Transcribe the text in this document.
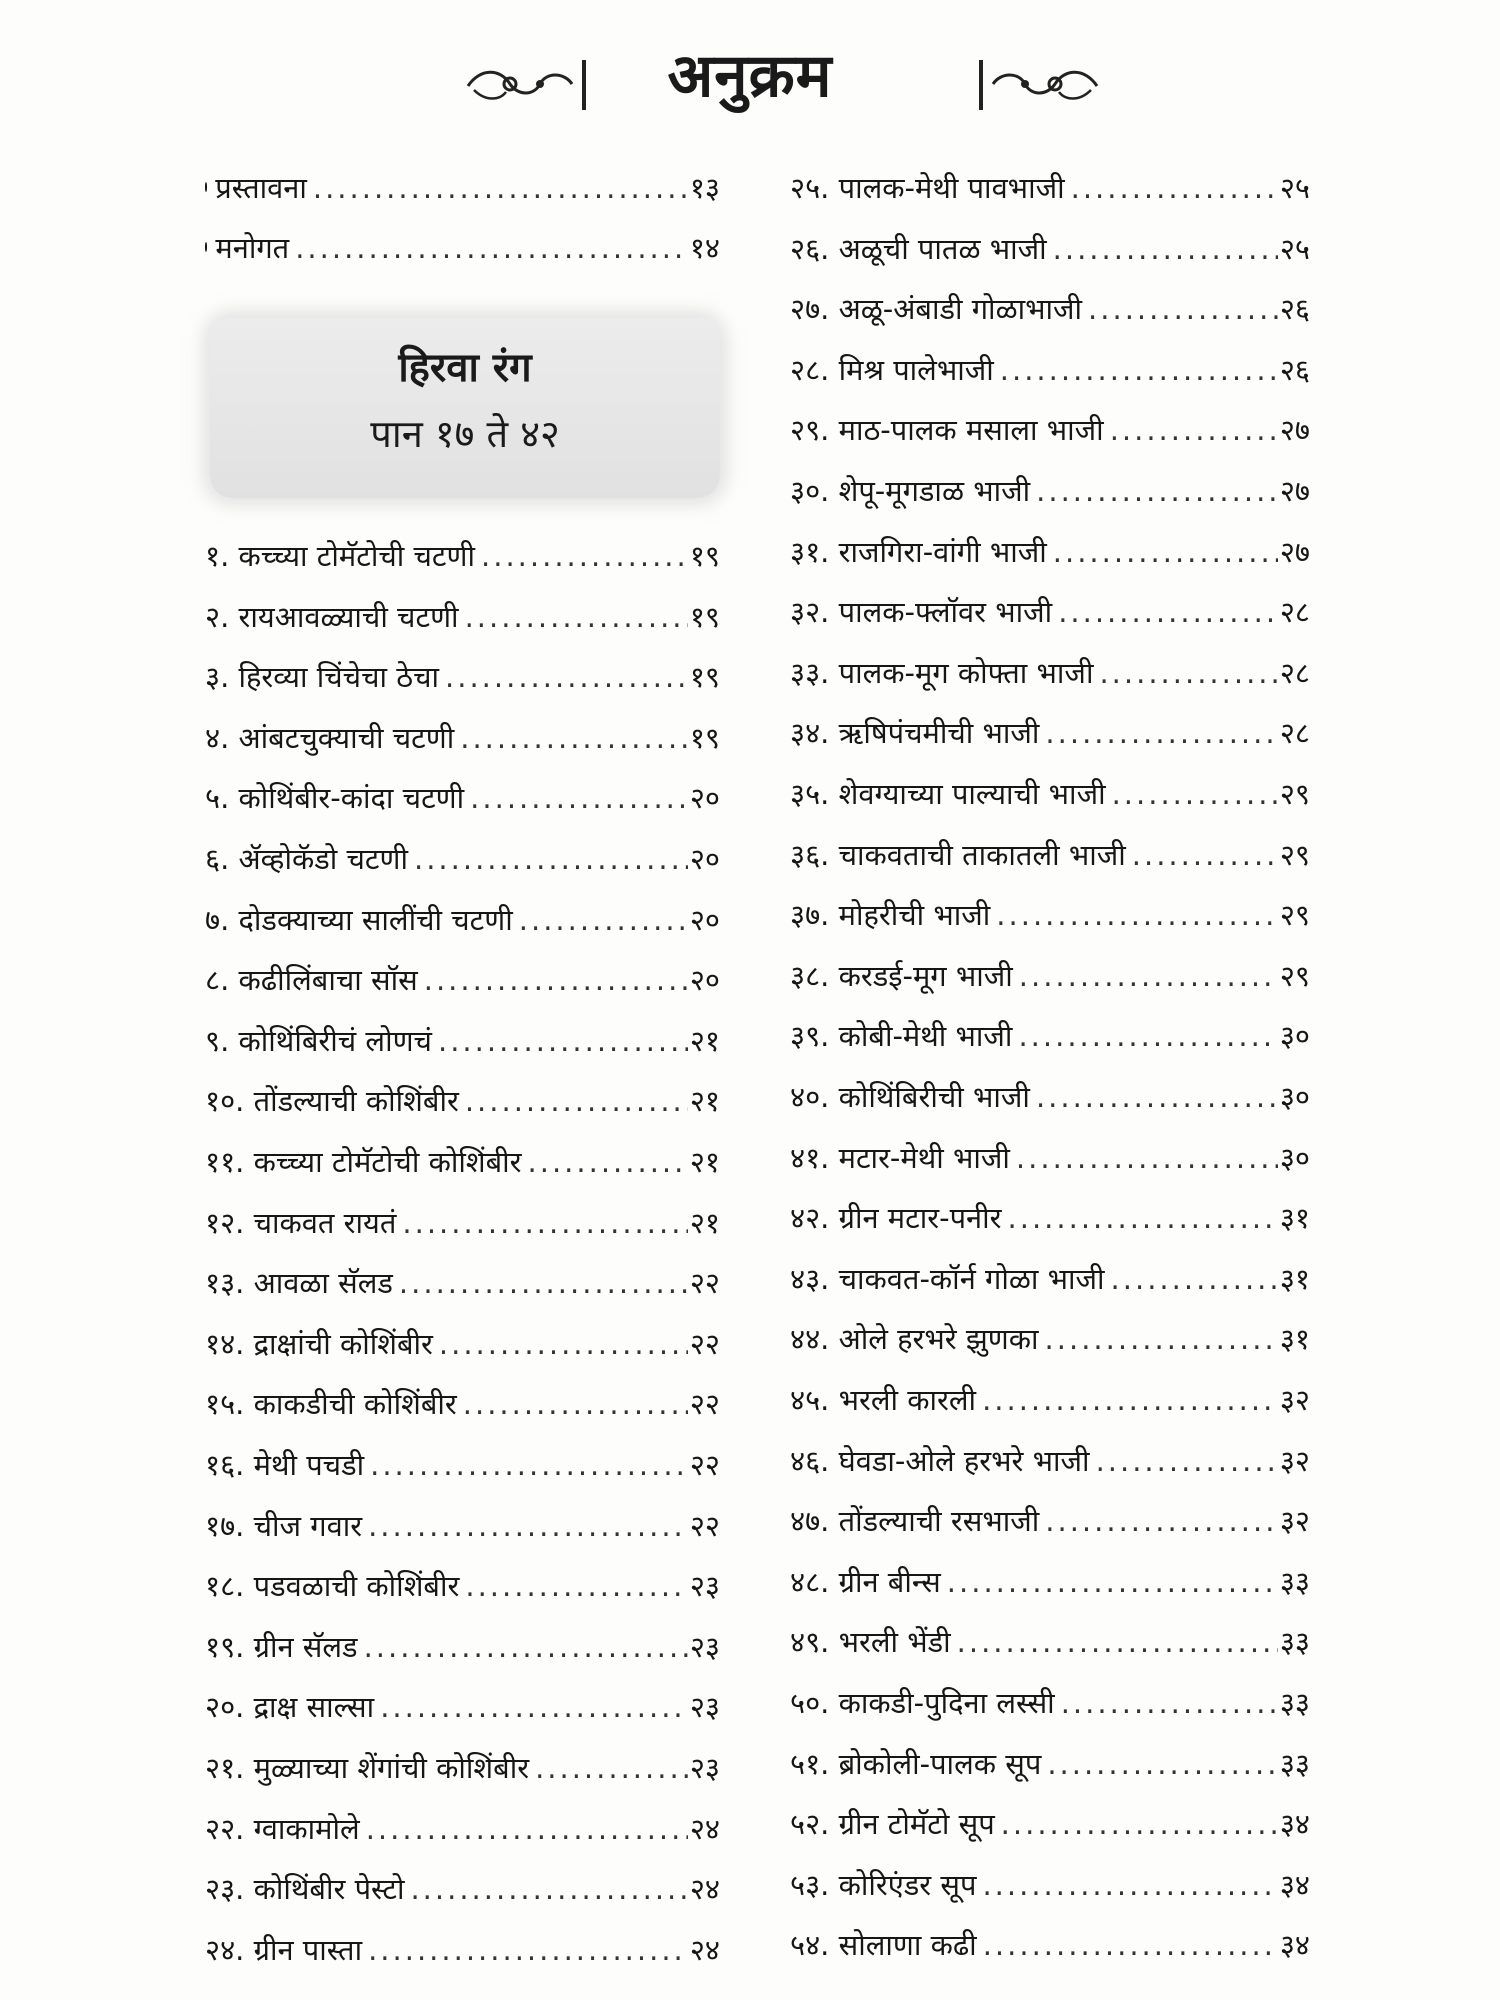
अनुक्रम
प्रस्तावना .....	१३
मनोगत .....	१४
हिरवा रंग
पान १७ ते ४२
१. कच्च्या टोमॅटोची चटणी .....	१९
२. रायआवळ्याची चटणी .....	१९
३. हिरव्या चिंचेचा ठेचा .....	१९
४. आंबटचुक्याची चटणी .....	१९
५. कोथिंबीर-कांदा चटणी .....	२०
६. ॲव्होकॅडो चटणी .....	२०
७. दोडक्याच्या सालींची चटणी .....	२०
८. कढीलिंबाचा सॉस .....	२०
९. कोथिंबिरीचं लोणचं .....	२१
१०. तोंडल्याची कोशिंबीर .....	२१
११. कच्च्या टोमॅटोची कोशिंबीर .....	२१
१२. चाकवत रायतं .....	२१
१३. आवळा सॅलड .....	२२
१४. द्राक्षांची कोशिंबीर .....	२२
१५. काकडीची कोशिंबीर .....	२२
१६. मेथी पचडी .....	२२
१७. चीज गवार .....	२२
१८. पडवळाची कोशिंबीर .....	२३
१९. ग्रीन सॅलड .....	२३
२०. द्राक्ष साल्सा .....	२३
२१. मुळ्याच्या शेंगांची कोशिंबीर .....	२३
२२. ग्वाकामोले .....	२४
२३. कोथिंबीर पेस्टो .....	२४
२४. ग्रीन पास्ता .....	२४
२५. पालक-मेथी पावभाजी .....	२५
२६. अळूची पातळ भाजी .....	२५
२७. अळू-अंबाडी गोळाभाजी .....	२६
२८. मिश्र पालेभाजी .....	२६
२९. माठ-पालक मसाला भाजी .....	२७
३०. शेपू-मूगडाळ भाजी .....	२७
३१. राजगिरा-वांगी भाजी .....	२७
३२. पालक-फ्लॉवर भाजी .....	२८
३३. पालक-मूग कोफ्ता भाजी .....	२८
३४. ऋषिपंचमीची भाजी .....	२८
३५. शेवग्याच्या पाल्याची भाजी .....	२९
३६. चाकवताची ताकातली भाजी .....	२९
३७. मोहरीची भाजी .....	२९
३८. करडई-मूग भाजी .....	२९
३९. कोबी-मेथी भाजी .....	३०
४०. कोथिंबिरीची भाजी .....	३०
४१. मटार-मेथी भाजी .....	३०
४२. ग्रीन मटार-पनीर .....	३१
४३. चाकवत-कॉर्न गोळा भाजी .....	३१
४४. ओले हरभरे झुणका .....	३१
४५. भरली कारली .....	३२
४६. घेवडा-ओले हरभरे भाजी .....	३२
४७. तोंडल्याची रसभाजी .....	३२
४८. ग्रीन बीन्स .....	३३
४९. भरली भेंडी .....	३३
५०. काकडी-पुदिना लस्सी .....	३३
५१. ब्रोकोली-पालक सूप .....	३३
५२. ग्रीन टोमॅटो सूप .....	३४
५३. कोरिएंडर सूप .....	३४
५४. सोलाणा कढी .....	३४
